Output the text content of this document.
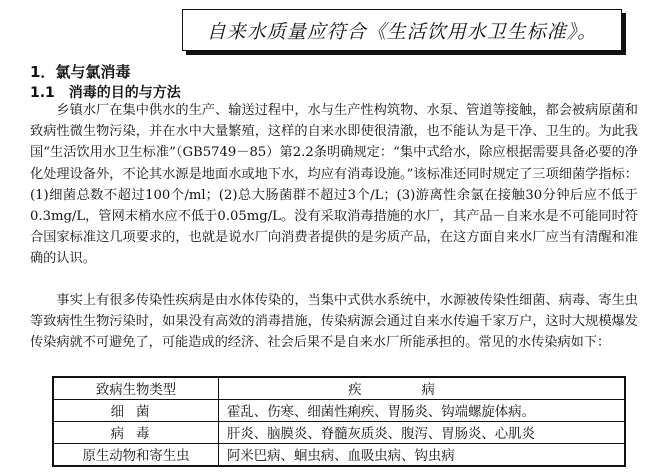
自来水质量应符合《生活饮用水卫生标准》。
1．氯与氯消毒
1.1　消毒的目的与方法

乡镇水厂在集中供水的生产、输送过程中，水与生产性构筑物、水泵、管道等接触，都会被病原菌和致病性微生物污染，并在水中大量繁殖，这样的自来水即使很清澈，也不能认为是干净、卫生的。为此我国“生活饮用水卫生标准”（GB5749－85）第2.2条明确规定：“集中式给水，除应根据需要具备必要的净化处理设备外，不论其水源是地面水或地下水，均应有消毒设施。”该标准还同时规定了三项细菌学指标：(1)细菌总数不超过100个/ml；(2)总大肠菌群不超过3个/L；(3)游离性余氯在接触30分钟后应不低于0.3mg/L，管网末梢水应不低于0.05mg/L。没有采取消毒措施的水厂，其产品－自来水是不可能同时符合国家标准这几项要求的，也就是说水厂向消费者提供的是劣质产品，在这方面自来水厂应当有清醒和准确的认识。

事实上有很多传染性疾病是由水体传染的，当集中式供水系统中，水源被传染性细菌、病毒、寄生虫等致病性生物污染时，如果没有高效的消毒措施，传染病源会通过自来水传遍千家万户，这时大规模爆发传染病就不可避免了，可能造成的经济、社会后果不是自来水厂所能承担的。常见的水传染病如下：

致病生物类型	疾病
细菌	霍乱、伤寒、细菌性痢疾、胃肠炎、钩端螺旋体病。
病毒	肝炎、脑膜炎、脊髓灰质炎、腹泻、胃肠炎、心肌炎
原生动物和寄生虫	阿米巴病、蛔虫病、血吸虫病、钩虫病
